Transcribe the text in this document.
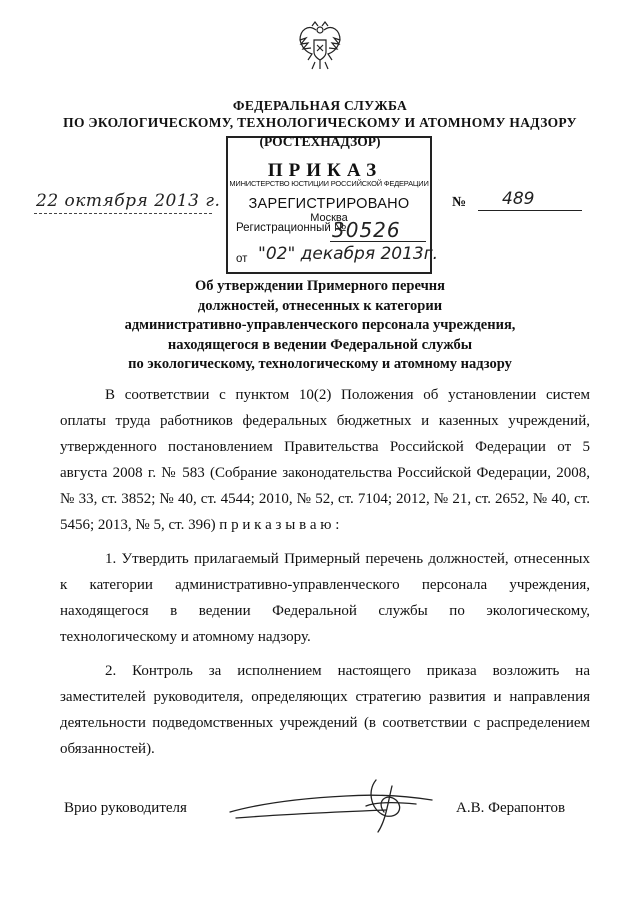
ФЕДЕРАЛЬНАЯ СЛУЖБА
ПО ЭКОЛОГИЧЕСКОМУ, ТЕХНОЛОГИЧЕСКОМУ И АТОМНОМУ НАДЗОРУ
(РОСТЕХНАДЗОР)
ПРИКАЗ
МИНИСТЕРСТВО ЮСТИЦИИ РОССИЙСКОЙ ФЕДЕРАЦИИ
ЗАРЕГИСТРИРОВАНО
Москва
Регистрационный №
30526
от "02" декабря 2013г.
22 октября 2013 г.	№ 489
Об утверждении Примерного перечня
должностей, отнесенных к категории
административно-управленческого персонала учреждения,
находящегося в ведении Федеральной службы
по экологическому, технологическому и атомному надзору

В соответствии с пунктом 10(2) Положения об установлении систем оплаты труда работников федеральных бюджетных и казенных учреждений, утвержденного постановлением Правительства Российской Федерации от 5 августа 2008 г. № 583 (Собрание законодательства Российской Федерации, 2008, № 33, ст. 3852; № 40, ст. 4544; 2010, № 52, ст. 7104; 2012, № 21, ст. 2652, № 40, ст. 5456; 2013, № 5, ст. 396) п р и к а з ы в а ю :

1. Утвердить прилагаемый Примерный перечень должностей, отнесенных к категории административно-управленческого персонала учреждения, находящегося в ведении Федеральной службы по экологическому, технологическому и атомному надзору.

2. Контроль за исполнением настоящего приказа возложить на заместителей руководителя, определяющих стратегию развития и направления деятельности подведомственных учреждений (в соответствии с распределением обязанностей).

Врио руководителя	А.В. Ферапонтов
